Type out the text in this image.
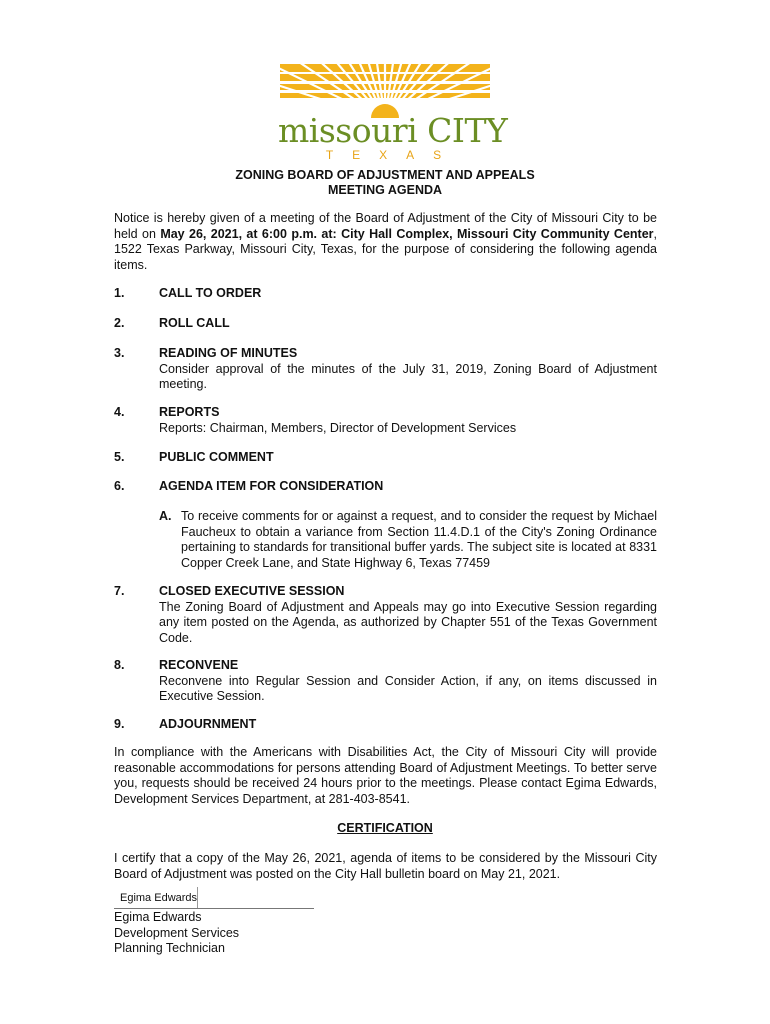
missouri CITY
TEXAS
ZONING BOARD OF ADJUSTMENT AND APPEALS
MEETING AGENDA

Notice is hereby given of a meeting of the Board of Adjustment of the City of Missouri City to be held on May 26, 2021, at 6:00 p.m. at: City Hall Complex, Missouri City Community Center, 1522 Texas Parkway, Missouri City, Texas, for the purpose of considering the following agenda items.

1.	CALL TO ORDER
2.	ROLL CALL
3.	READING OF MINUTES
Consider approval of the minutes of the July 31, 2019, Zoning Board of Adjustment meeting.
4.	REPORTS
Reports: Chairman, Members, Director of Development Services
5.	PUBLIC COMMENT
6.	AGENDA ITEM FOR CONSIDERATION
A. To receive comments for or against a request, and to consider the request by Michael Faucheux to obtain a variance from Section 11.4.D.1 of the City's Zoning Ordinance pertaining to standards for transitional buffer yards. The subject site is located at 8331 Copper Creek Lane, and State Highway 6, Texas 77459
7.	CLOSED EXECUTIVE SESSION
The Zoning Board of Adjustment and Appeals may go into Executive Session regarding any item posted on the Agenda, as authorized by Chapter 551 of the Texas Government Code.
8.	RECONVENE
Reconvene into Regular Session and Consider Action, if any, on items discussed in Executive Session.
9.	ADJOURNMENT

In compliance with the Americans with Disabilities Act, the City of Missouri City will provide reasonable accommodations for persons attending Board of Adjustment Meetings. To better serve you, requests should be received 24 hours prior to the meetings. Please contact Egima Edwards, Development Services Department, at 281-403-8541.

CERTIFICATION

I certify that a copy of the May 26, 2021, agenda of items to be considered by the Missouri City Board of Adjustment was posted on the City Hall bulletin board on May 21, 2021.

Egima Edwards
Egima Edwards
Development Services
Planning Technician
